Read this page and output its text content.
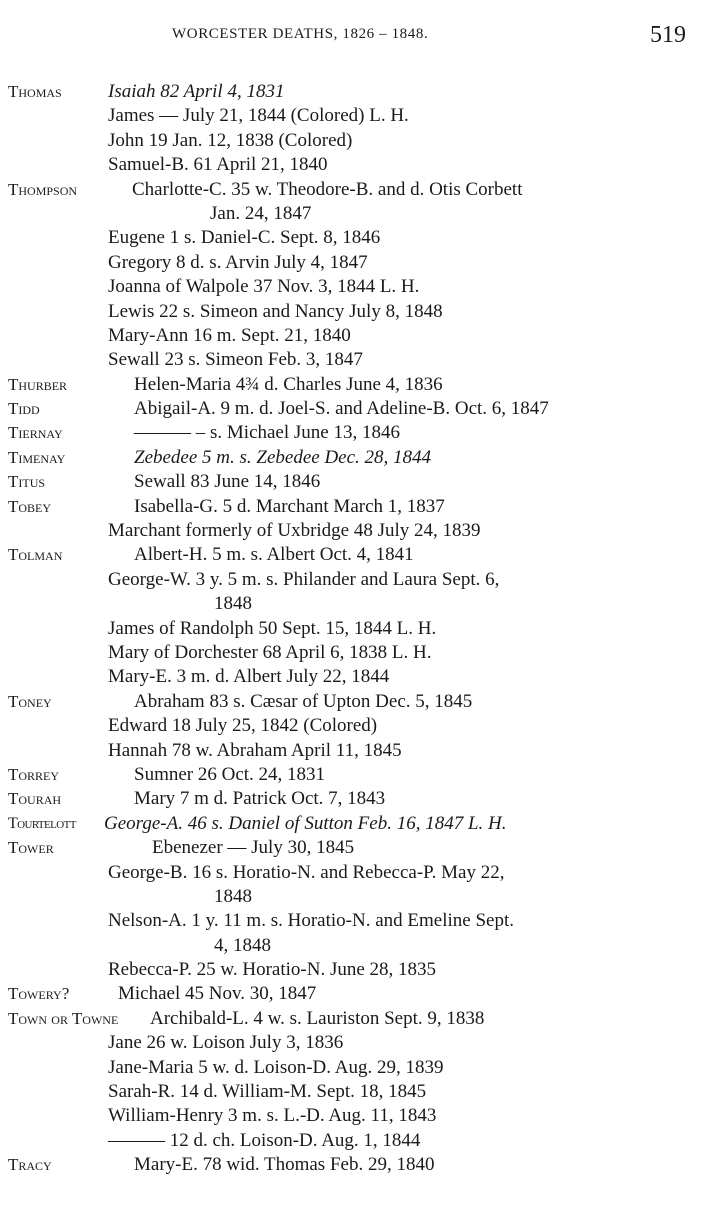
WORCESTER DEATHS, 1826 – 1848.	519
Thomas Isaiah 82 April 4, 1831
James — July 21, 1844 (Colored) L. H.
John 19 Jan. 12, 1838 (Colored)
Samuel-B. 61 April 21, 1840
Thompson	Charlotte-C. 35 w. Theodore-B. and d. Otis Corbett
Jan. 24, 1847
Eugene 1 s. Daniel-C. Sept. 8, 1846
Gregory 8 d. s. Arvin July 4, 1847
Joanna of Walpole 37 Nov. 3, 1844 L. H.
Lewis 22 s. Simeon and Nancy July 8, 1848
Mary-Ann 16 m. Sept. 21, 1840
Sewall 23 s. Simeon Feb. 3, 1847
Thurber	Helen-Maria 4¾ d. Charles June 4, 1836
Tidd	Abigail-A. 9 m. d. Joel-S. and Adeline-B. Oct. 6, 1847
Tiernay	——— – s. Michael June 13, 1846
Timenay	Zebedee 5 m. s. Zebedee Dec. 28, 1844
Titus	Sewall 83 June 14, 1846
Tobey	Isabella-G. 5 d. Marchant March 1, 1837
Marchant formerly of Uxbridge 48 July 24, 1839
Tolman	Albert-H. 5 m. s. Albert Oct. 4, 1841
George-W. 3 y. 5 m. s. Philander and Laura Sept. 6,
1848
James of Randolph 50 Sept. 15, 1844 L. H.
Mary of Dorchester 68 April 6, 1838 L. H.
Mary-E. 3 m. d. Albert July 22, 1844
Toney	Abraham 83 s. Cæsar of Upton Dec. 5, 1845
Edward 18 July 25, 1842 (Colored)
Hannah 78 w. Abraham April 11, 1845
Torrey	Sumner 26 Oct. 24, 1831
Tourah	Mary 7 m d. Patrick Oct. 7, 1843
Tourtelott George-A. 46 s. Daniel of Sutton Feb. 16, 1847 L. H.
Tower	Ebenezer — July 30, 1845
George-B. 16 s. Horatio-N. and Rebecca-P. May 22,
1848
Nelson-A. 1 y. 11 m. s. Horatio-N. and Emeline Sept.
4, 1848
Rebecca-P. 25 w. Horatio-N. June 28, 1835
Towery?	Michael 45 Nov. 30, 1847
Town or Towne Archibald-L. 4 w. s. Lauriston Sept. 9, 1838
Jane 26 w. Loison July 3, 1836
Jane-Maria 5 w. d. Loison-D. Aug. 29, 1839
Sarah-R. 14 d. William-M. Sept. 18, 1845
William-Henry 3 m. s. L.-D. Aug. 11, 1843
——— 12 d. ch. Loison-D. Aug. 1, 1844
Tracy	Mary-E. 78 wid. Thomas Feb. 29, 1840
